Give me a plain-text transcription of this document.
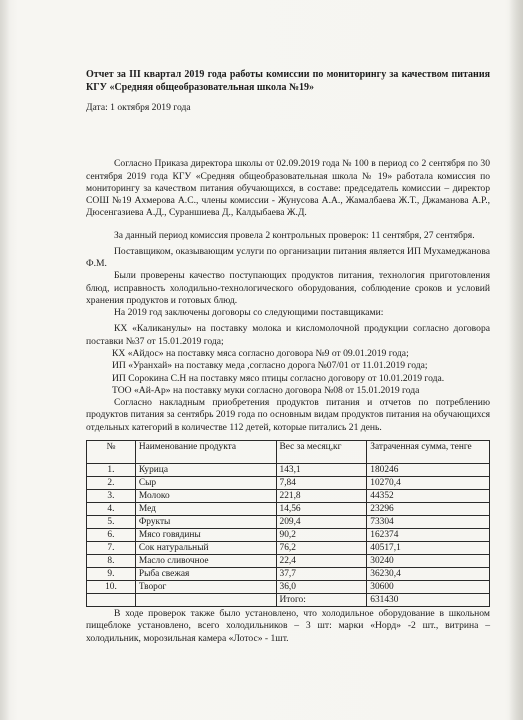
Отчет за III квартал 2019 года работы комиссии по мониторингу за качеством питания КГУ «Средняя общеобразовательная школа №19»
Дата: 1 октября 2019 года

Согласно Приказа директора школы от 02.09.2019 года № 100 в период со 2 сентября по 30 сентября 2019 года КГУ «Средняя общеобразовательная школа № 19» работала комиссия по мониторингу за качеством питания обучающихся, в составе: председатель комиссии – директор СОШ №19 Ахмерова А.С., члены комиссии - Жунусова А.А., Жамалбаева Ж.Т., Джаманова А.Р., Дюсенгазиева А.Д., Сураншиева Д., Калдыбаева Ж.Д.

За данный период комиссия провела 2 контрольных проверок: 11 сентября, 27 сентября.

Поставщиком, оказывающим услуги по организации питания является ИП Мухамеджанова Ф.М.

Были проверены качество поступающих продуктов питания, технология приготовления блюд, исправность холодильно-технологического оборудования, соблюдение сроков и условий хранения продуктов и готовых блюд.

На 2019 год заключены договоры со следующими поставщиками:

КХ «Каликанулы» на поставку молока и кисломолочной продукции согласно договора поставки №37 от 15.01.2019 года;

КХ «Айдос» на поставку мяса согласно договора №9 от 09.01.2019 года;

ИП «Уранхай» на поставку меда ,согласно дорога №07/01 от 11.01.2019 года;

ИП Сорокина С.Н на поставку мясо птицы согласно договору от 10.01.2019 года.

ТОО «Ай-Ар» на поставку муки согласно договора №08 от 15.01.2019 года

Согласно накладным приобретения продуктов питания и отчетов по потреблению продуктов питания за сентябрь 2019 года по основным видам продуктов питания на обучающихся отдельных категорий в количестве 112 детей, которые питались 21 день.

№	Наименование продукта	Вес за месяц,кг	Затраченная сумма, тенге
1.	Курица	143,1	180246
2.	Сыр	7,84	10270,4
3.	Молоко	221,8	44352
4.	Мед	14,56	23296
5.	Фрукты	209,4	73304
6.	Мясо говядины	90,2	162374
7.	Сок натуральный	76,2	40517,1
8.	Масло сливочное	22,4	30240
9.	Рыба свежая	37,7	36230,4
10.	Творог	36,0	30600
		Итого:	631430

В ходе проверок также было установлено, что холодильное оборудование в школьном пищеблоке установлено, всего холодильников – 3 шт: марки «Норд» -2 шт., витрина –холодильник, морозильная камера «Лотос» - 1шт.
